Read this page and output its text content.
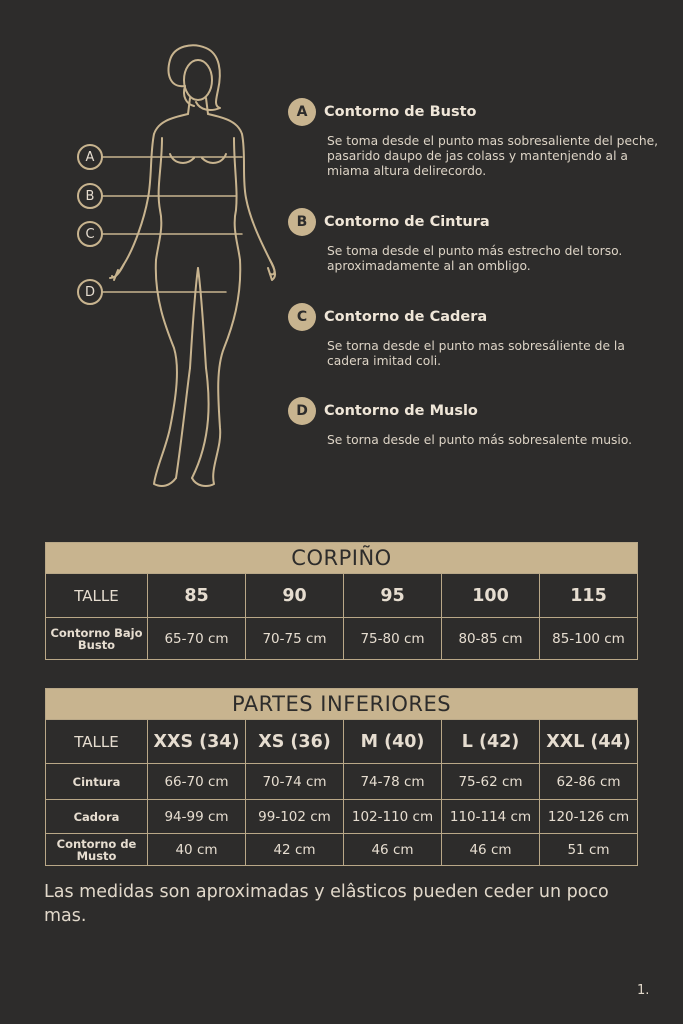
A
B
C
D
A	Contorno de Busto
Se toma desde el punto mas sobresaliente del peche, pasarido daupo de jas colass y mantenjendo al a miama altura delirecordo.
B	Contorno de Cintura
Se toma desde el punto más estrecho del torso. aproximadamente al an ombligo.
C	Contorno de Cadera
Se torna desde el punto mas sobresáliente de la cadera imitad coli.
D	Contorno de Muslo
Se torna desde el punto más sobresalente musio.
CORPIÑO					
TALLE	85	90	95	100	115
Contorno Bajo Busto	65-70 cm	70-75 cm	75-80 cm	80-85 cm	85-100 cm
PARTES INFERIORES					
TALLE	XXS (34)	XS (36)	M (40)	L (42)	XXL (44)
Cintura	66-70 cm	70-74 cm	74-78 cm	75-62 cm	62-86 cm
Cadora	94-99 cm	99-102 cm	102-110 cm	110-114 cm	120-126 cm
Contorno de Musto	40 cm	42 cm	46 cm	46 cm	51 cm
Las medidas son aproximadas y elâsticos pueden ceder un poco mas.
1.
